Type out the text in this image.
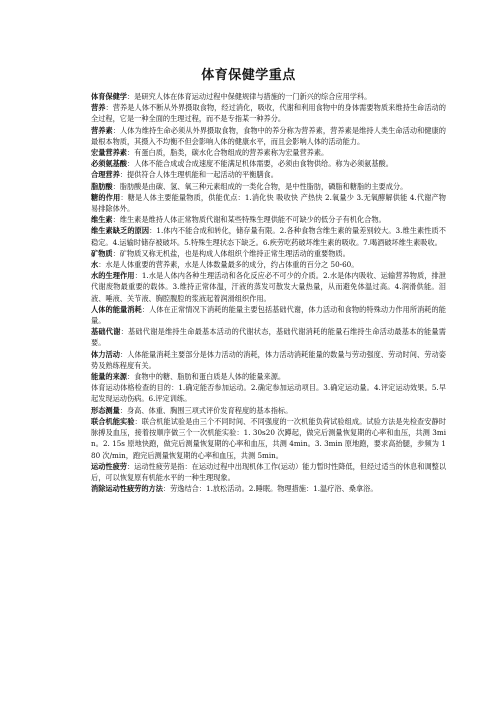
体育保健学重点

体育保健学：是研究人体在体育运动过程中保健规律与措施的一门新兴的综合应用学科。

营养：营养是人体不断从外界摄取食物，经过消化，吸收，代谢和利用食物中的身体需要物质来维持生命活动的全过程，它是一种全面的生理过程，而不是专指某一种养分。

营养素：人体为维持生命必须从外界摄取食物，食物中的养分称为营养素，营养素是维持人类生命活动和健康的最根本物质，其摄入不均衡不但会影响人体的健康水平，而且会影响人体的活动能力。

宏量营养素：有蛋白质，脂类，碳水化合物组成的营养素称为宏量营养素。

必须氨基酸：人体不能合成或合成速度不能满足机体需要，必须由食物供给。称为必须氨基酸。

合理营养：提供符合人体生理机能和一起活动的平衡膳食。

脂肪酸：脂肪酸是由碳、氢、氧三种元素组成的一类化合物，是中性脂肪，磷脂和糖脂的主要成分。

糖的作用：糖是人体主要能量物质，供能优点：1.消化快 吸收快 产热快 2.氧量少 3.无氧酵解供能 4.代谢产物易排除体外。

维生素：维生素是维持人体正常物质代谢和某些特殊生理供能不可缺少的低分子有机化合物。

维生素缺乏的原因：1.体内不能合成和转化，储存量有限。2.各种食物含维生素的量差别较大。3.维生素性质不稳定。4.运输时储存被破坏。5.特殊生理状态下缺乏。6.疾劳吃药破坏维生素的吸收。7.喝酒破坏维生素吸收。

矿物质：矿物质又称无机盐，也是构成人体组织个维持正常生理活动的重要物质。

水：水是人体重要的营养素，水是人体数量最多的成分，约占体重的百分之 50-60。

水的生理作用：1.水是人体内各种生理活动和各化反应必不可少的介质。2.水是体内吸收、运输营养物质，排泄代谢废物最重要的载体。3.维持正常体温，汗液的蒸发可散发大量热量，从而避免体温过高。4.润滑供能。泪液、唾液、关节液、胸腔腹腔的浆液起着润滑组织作用。

人体的能量消耗：人体在正常情况下消耗的能量主要包括基础代谢，体力活动和食物的特殊动力作用所消耗的能量。

基础代谢：基础代谢是维持生命最基本活动的代谢状态，基础代谢消耗的能量石维持生命活动最基本的能量需要。

体力活动：人体能量消耗主要部分是体力活动的消耗，体力活动消耗能量的数量与劳动强度、劳动时间、劳动姿势及熟练程度有关。

能量的来源：食物中的糖、脂肪和蛋白质是人体的能量来源。

体育运动体格检查的目的：1.确定能否参加运动。2.确定参加运动项目。3.确定运动量。4.评定运动效果。5.早起发现运动伤病。6.评定训练。

形态测量：身高、体重、胸围三项式评价发育程度的基本指标。

联合机能实验：联合机能试验是由三个不同时间、不同强度的一次机能负荷试验组成。试验方法是先检查安静时脉搏及血压，接着按顺序做三个一次机能实验：1. 30s20 次蹲起，做完后测量恢复期的心率和血压，共测 3min。2. 15s 原地快跑，做完后测量恢复期的心率和血压，共测 4min。3. 3min 原地跑，要求高抬腿，步频为 180 次/min，跑完后测量恢复期的心率和血压，共测 5min。

运动性疲劳：运动性疲劳是指：在运动过程中出现机体工作(运动）能力暂时性降低，但经过适当的休息和调整以后，可以恢复原有机能水平的一种生理现象。

消除运动性疲劳的方法：劳逸结合：1.放松活动。2.睡眠。物理措施：1.温疗浴、桑拿浴。
